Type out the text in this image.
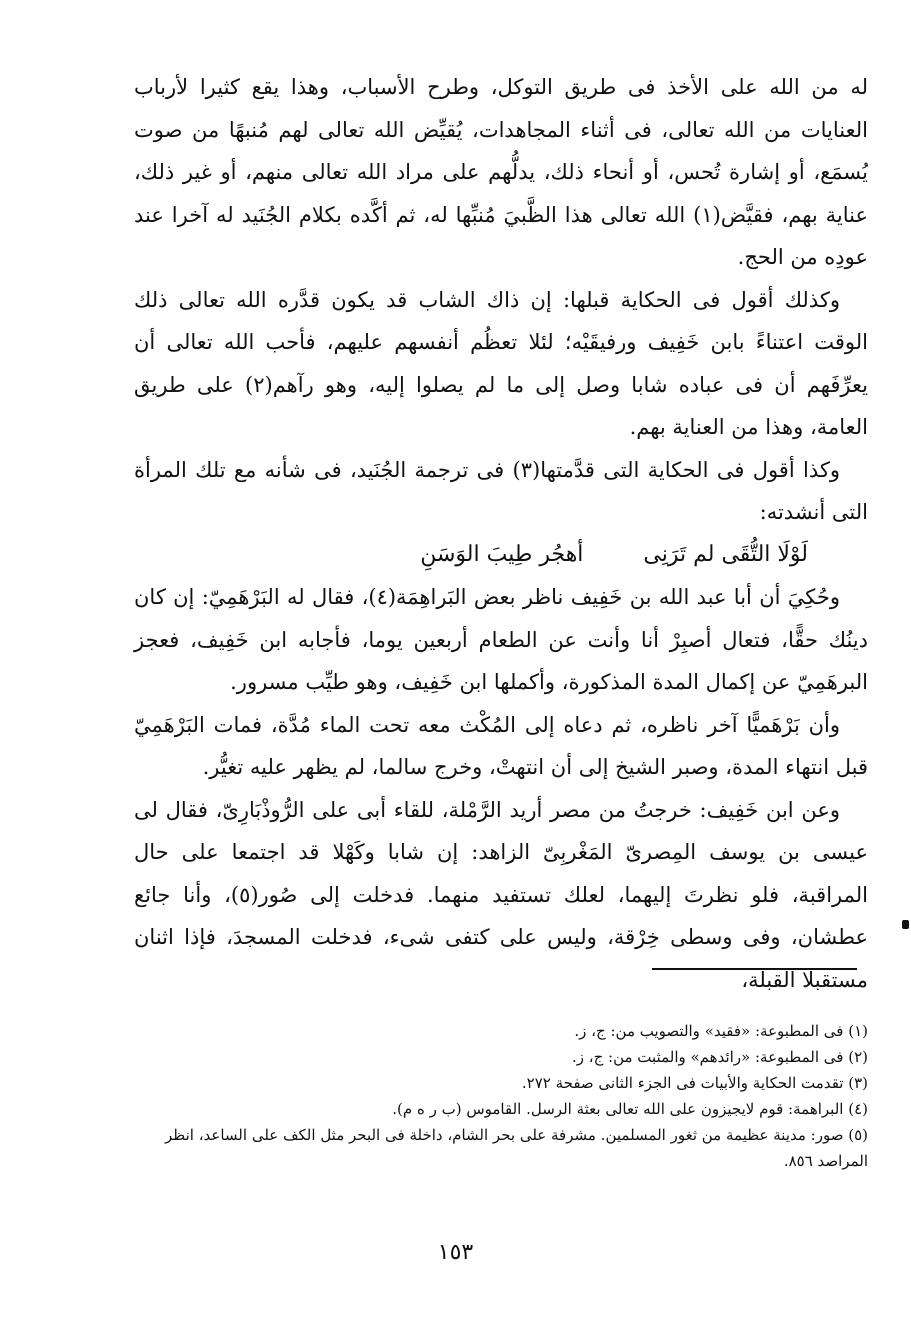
له من الله على الأخذ فى طريق التوكل، وطرح الأسباب، وهذا يقع كثيرا لأرباب العنايات من الله تعالى، فى أثناء المجاهدات، يُقيِّض الله تعالى لهم مُنبهًا من صوت يُسمَع، أو إشارة تُحس، أو أنحاء ذلك، يدلُّهم على مراد الله تعالى منهم، أو غير ذلك، عناية بهم، فقيَّض(١) الله تعالى هذا الظَّبيَ مُنبِّها له، ثم أكَّده بكلام الجُنَيد له آخرا عند عودِه من الحج.

وكذلك أقول فى الحكاية قبلها: إن ذاك الشاب قد يكون قدَّره الله تعالى ذلك الوقت اعتناءً بابن خَفِيف ورفيقَيْه؛ لئلا تعظُم أنفسهم عليهم، فأحب الله تعالى أن يعرِّفَهم أن فى عباده شابا وصل إلى ما لم يصلوا إليه، وهو رآهم(٢) على طريق العامة، وهذا من العناية بهم.

وكذا أقول فى الحكاية التى قدَّمتها(٣) فى ترجمة الجُنَيد، فى شأنه مع تلك المرأة التى أنشدته:

لَوْلَا التُّقَى لم تَرَنِىأهجُر طِيبَ الوَسَنِ

وحُكِيَ أن أبا عبد الله بن خَفِيف ناظر بعض البَراهِمَة(٤)، فقال له البَرْهَمِيّ: إن كان دينُك حقًّا، فتعال أصبِرْ أنا وأنت عن الطعام أربعين يوما، فأجابه ابن خَفِيف، فعجز البرهَمِيّ عن إكمال المدة المذكورة، وأكملها ابن خَفِيف، وهو طيِّب مسرور.

وأن بَرْهَميًّا آخر ناظره، ثم دعاه إلى المُكْث معه تحت الماء مُدَّة، فمات البَرْهَمِيّ قبل انتهاء المدة، وصبر الشيخ إلى أن انتهتْ، وخرج سالما، لم يظهر عليه تغيُّر.

وعن ابن خَفِيف: خرجتُ من مصر أريد الرَّمْلة، للقاء أبى على الرُّوذْبَارِىّ، فقال لى عيسى بن يوسف المِصرىّ المَغْربِىّ الزاهد: إن شابا وكَهْلا قد اجتمعا على حال المراقبة، فلو نظرتَ إليهما، لعلك تستفيد منهما. فدخلت إلى صُور(٥)، وأنا جائع عطشان، وفى وسطى خِرْقة، وليس على كتفى شىء، فدخلت المسجدَ، فإذا اثنان مستقبلا القبلة،

(١) فى المطبوعة: «فقيد» والتصويب من: ج، ز.

(٢) فى المطبوعة: «رائدهم» والمثبت من: ج، ز.

(٣) تقدمت الحكاية والأبيات فى الجزء الثانى صفحة ٢٧٢.

(٤) البراهمة: قوم لايجيزون على الله تعالى بعثة الرسل. القاموس (ب ر ه م).

(٥) صور: مدينة عظيمة من ثغور المسلمين. مشرفة على بحر الشام، داخلة فى البحر مثل الكف على الساعد، انظر المراصد ٨٥٦.

١٥٣
